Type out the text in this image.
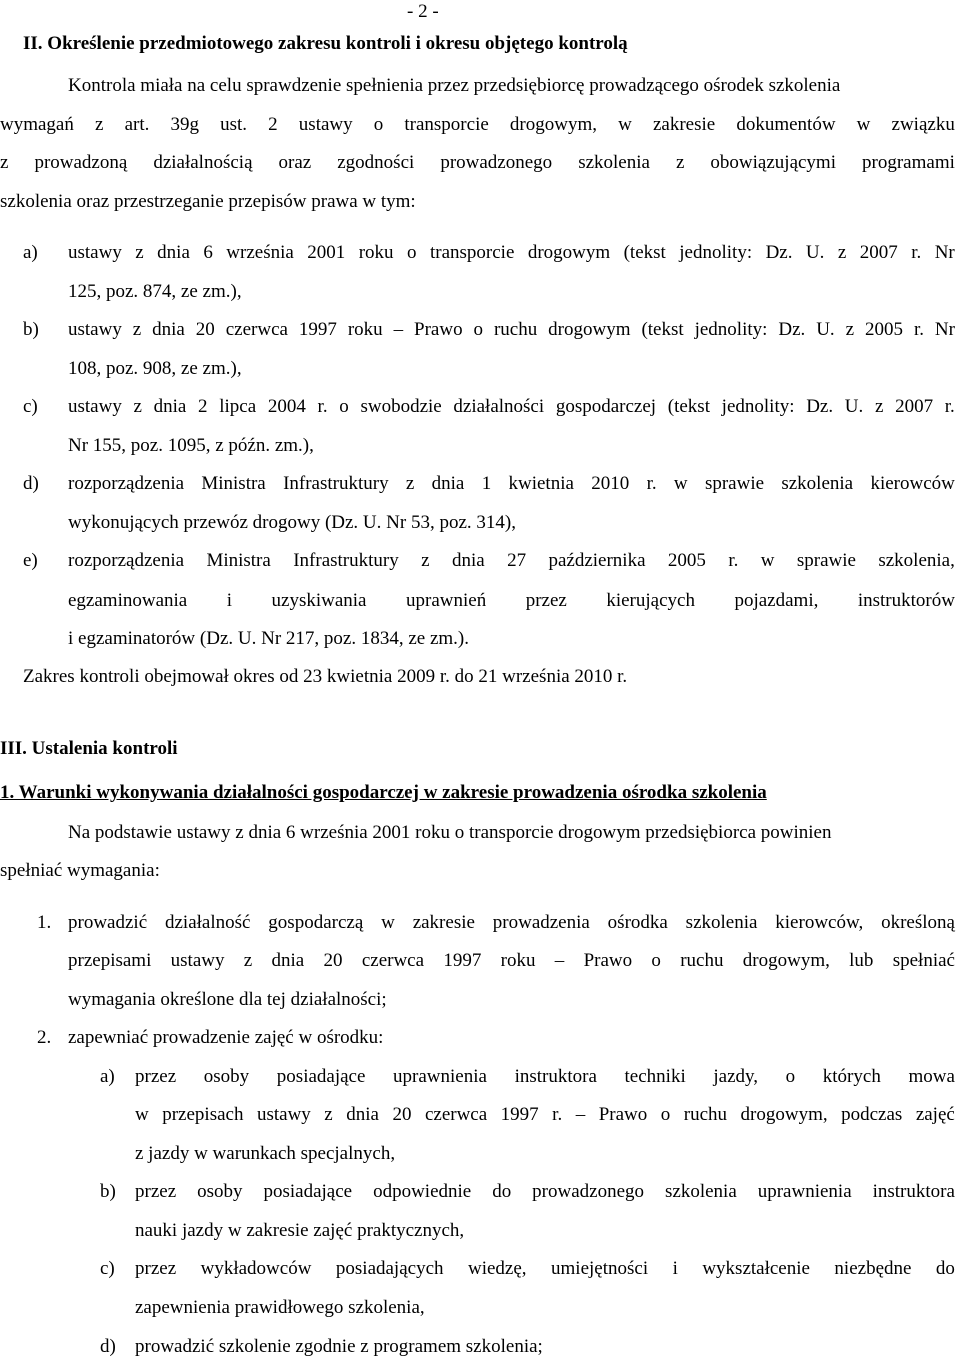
- 2 -
II. Określenie przedmiotowego zakresu kontroli i okresu objętego kontrolą
Kontrola miała na celu sprawdzenie spełnienia przez przedsiębiorcę prowadzącego ośrodek szkolenia
wymagań z art. 39g ust. 2 ustawy o transporcie drogowym, w zakresie dokumentów w związku
z prowadzoną działalnością oraz zgodności prowadzonego szkolenia z obowiązującymi programami
szkolenia oraz przestrzeganie przepisów prawa w tym:
a) ustawy z dnia 6 września 2001 roku o transporcie drogowym (tekst jednolity: Dz. U. z 2007 r. Nr
125, poz. 874, ze zm.),
b) ustawy z dnia 20 czerwca 1997 roku – Prawo o ruchu drogowym (tekst jednolity: Dz. U. z 2005 r. Nr
108, poz. 908, ze zm.),
c) ustawy z dnia 2 lipca 2004 r. o swobodzie działalności gospodarczej (tekst jednolity: Dz. U. z 2007 r.
Nr 155, poz. 1095, z późn. zm.),
d) rozporządzenia Ministra Infrastruktury z dnia 1 kwietnia 2010 r. w sprawie szkolenia kierowców
wykonujących przewóz drogowy (Dz. U. Nr 53, poz. 314),
e) rozporządzenia Ministra Infrastruktury z dnia 27 października 2005 r. w sprawie szkolenia,
egzaminowania i uzyskiwania uprawnień przez kierujących pojazdami, instruktorów
i egzaminatorów (Dz. U. Nr 217, poz. 1834, ze zm.).
Zakres kontroli obejmował okres od 23 kwietnia 2009 r. do 21 września 2010 r.
III. Ustalenia kontroli
1. Warunki wykonywania działalności gospodarczej w zakresie prowadzenia ośrodka szkolenia
Na podstawie ustawy z dnia 6 września 2001 roku o transporcie drogowym przedsiębiorca powinien
spełniać wymagania:
1. prowadzić działalność gospodarczą w zakresie prowadzenia ośrodka szkolenia kierowców, określoną
przepisami ustawy z dnia 20 czerwca 1997 roku – Prawo o ruchu drogowym, lub spełniać
wymagania określone dla tej działalności;
2. zapewniać prowadzenie zajęć w ośrodku:
a) przez osoby posiadające uprawnienia instruktora techniki jazdy, o których mowa
w przepisach ustawy z dnia 20 czerwca 1997 r. – Prawo o ruchu drogowym, podczas zajęć
z jazdy w warunkach specjalnych,
b) przez osoby posiadające odpowiednie do prowadzonego szkolenia uprawnienia instruktora
nauki jazdy w zakresie zajęć praktycznych,
c) przez wykładowców posiadających wiedzę, umiejętności i wykształcenie niezbędne do
zapewnienia prawidłowego szkolenia,
d) prowadzić szkolenie zgodnie z programem szkolenia;
